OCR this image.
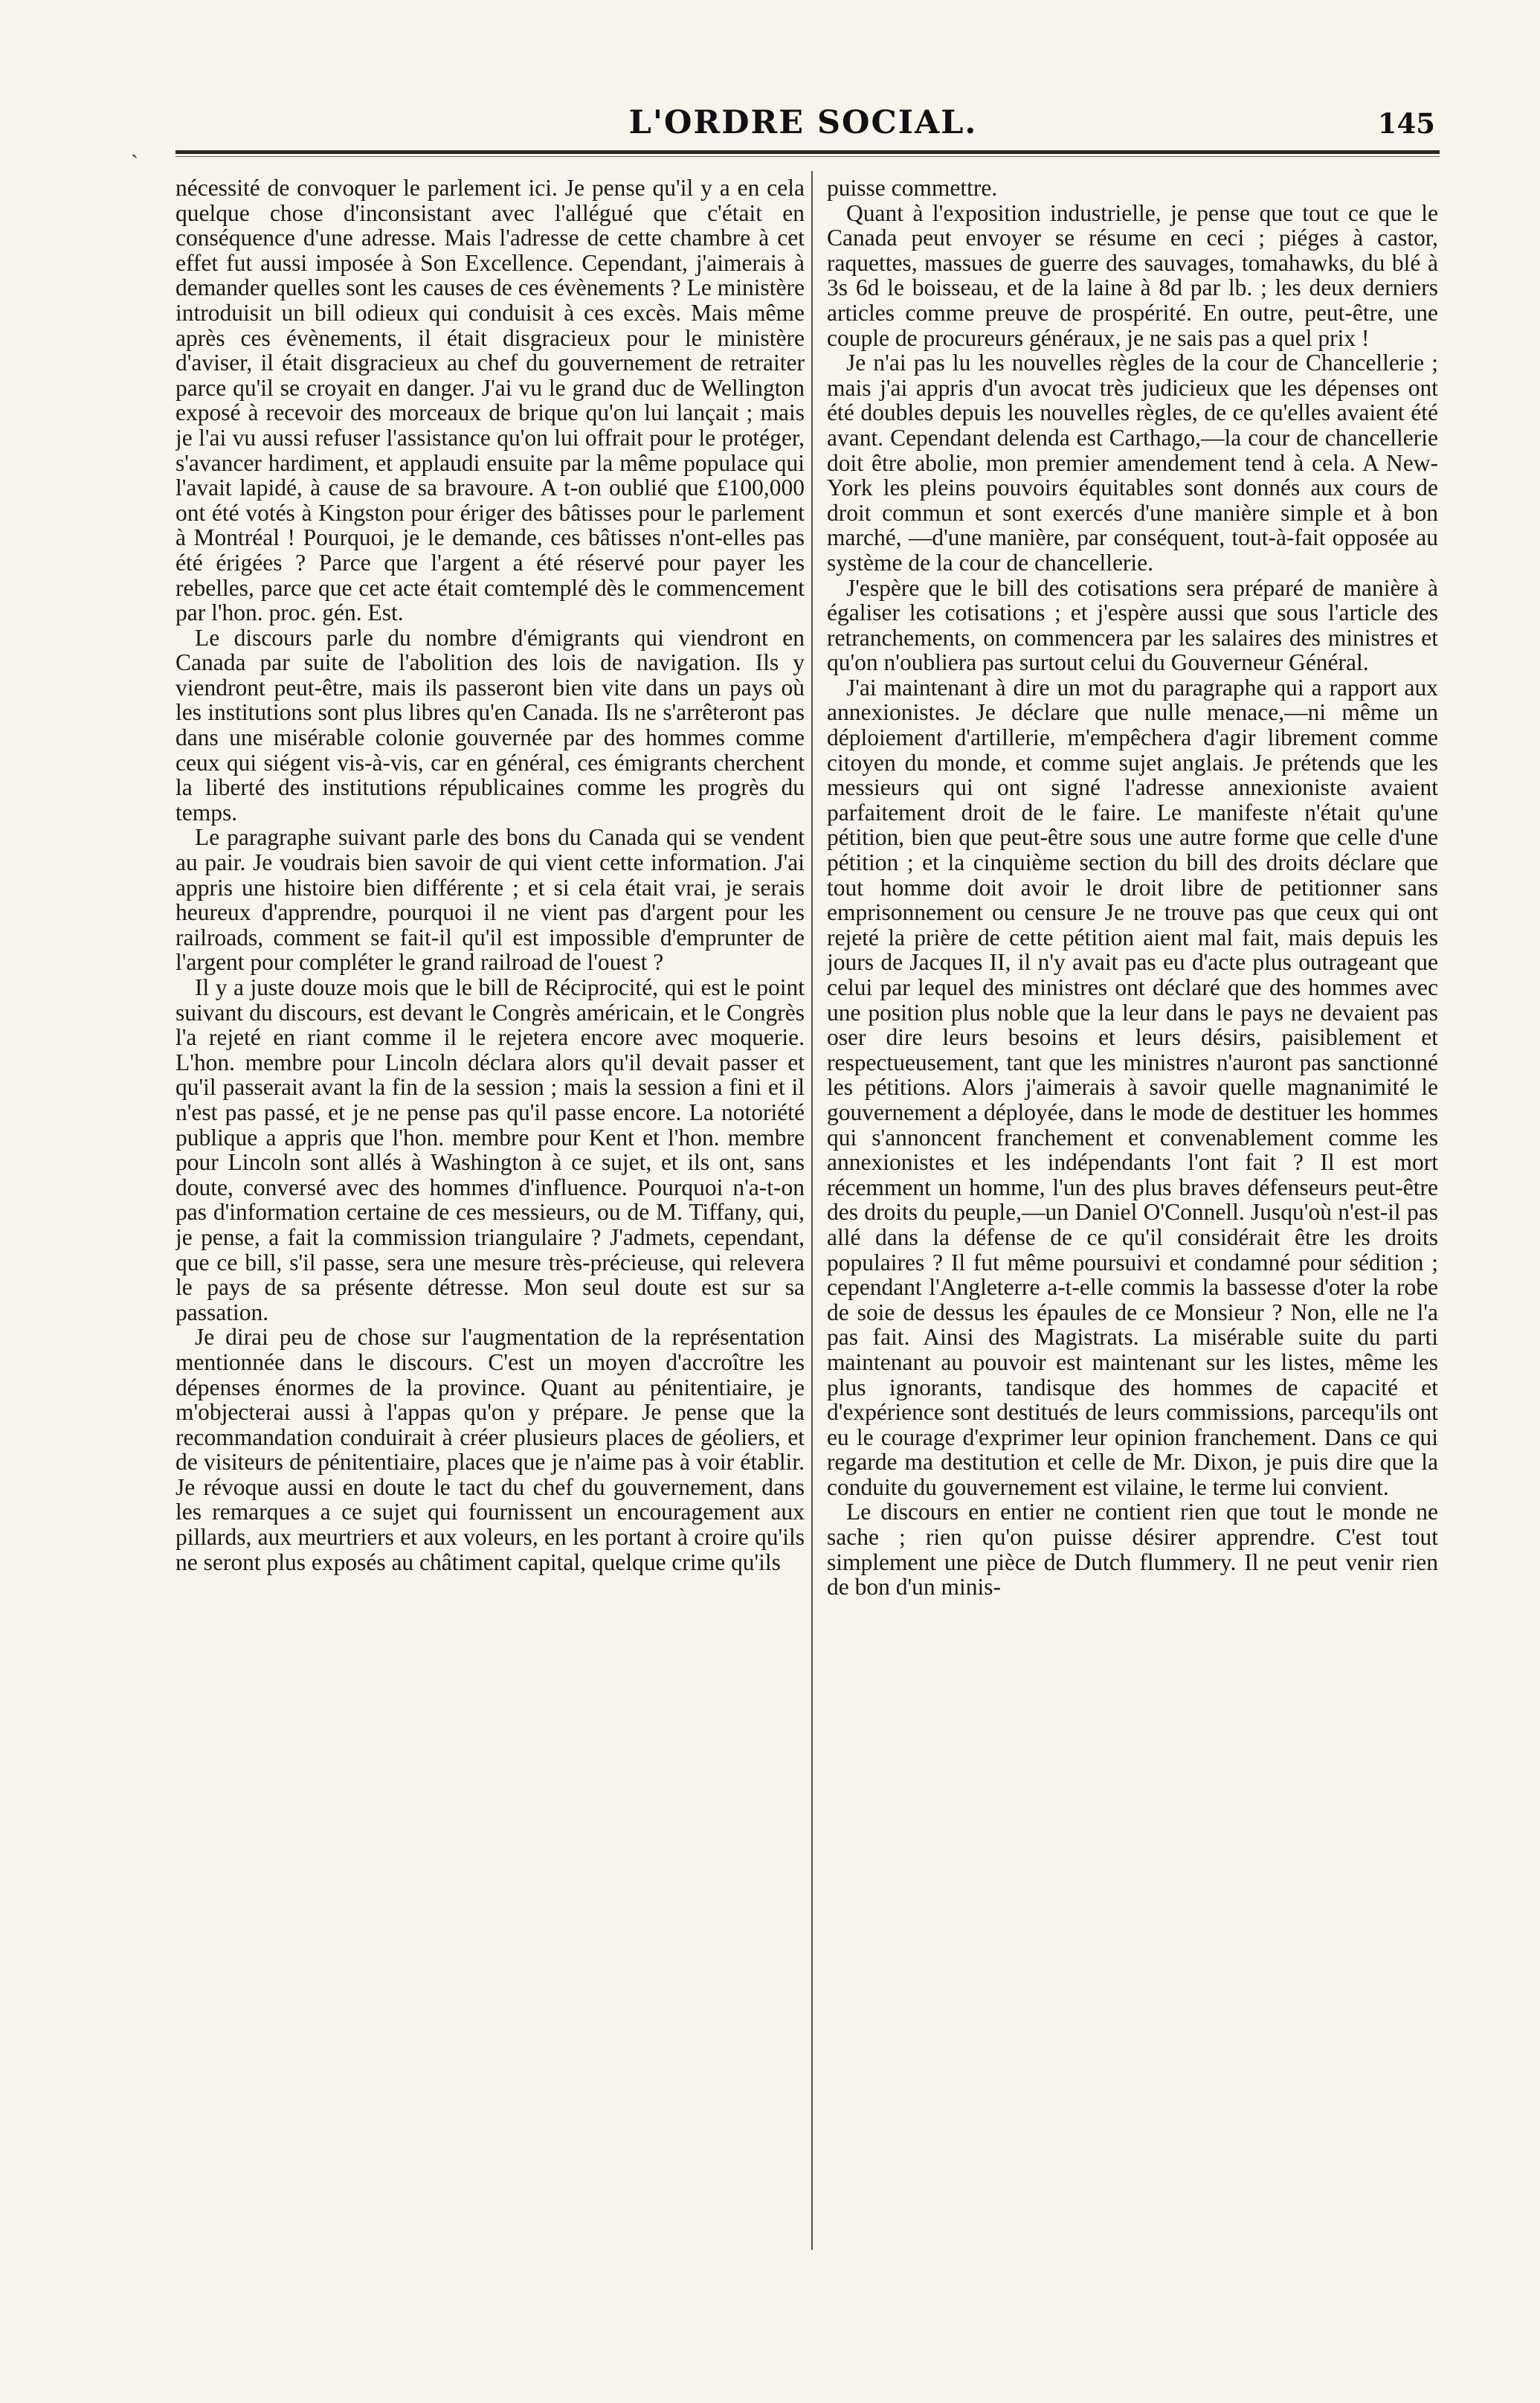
ˎ
L'ORDRE SOCIAL.	145

nécessité de convoquer le parlement ici. Je pense qu'il y a en cela quelque chose d'inconsistant avec l'allégué que c'était en conséquence d'une adresse. Mais l'adresse de cette chambre à cet effet fut aussi imposée à Son Excellence. Cependant, j'aimerais à demander quelles sont les causes de ces évènements ? Le ministère introduisit un bill odieux qui conduisit à ces excès. Mais même après ces évènements, il était disgracieux pour le ministère d'aviser, il était disgracieux au chef du gouvernement de retraiter parce qu'il se croyait en danger. J'ai vu le grand duc de Wellington exposé à recevoir des morceaux de brique qu'on lui lançait ; mais je l'ai vu aussi refuser l'assistance qu'on lui offrait pour le protéger, s'avancer hardiment, et applaudi ensuite par la même populace qui l'avait lapidé, à cause de sa bravoure. A t-on oublié que £100,000 ont été votés à Kingston pour ériger des bâtisses pour le parlement à Montréal ! Pourquoi, je le demande, ces bâtisses n'ont-elles pas été érigées ? Parce que l'argent a été réservé pour payer les rebelles, parce que cet acte était comtemplé dès le commencement par l'hon. proc. gén. Est.

Le discours parle du nombre d'émigrants qui viendront en Canada par suite de l'abolition des lois de navigation. Ils y viendront peut-être, mais ils passeront bien vite dans un pays où les institutions sont plus libres qu'en Canada. Ils ne s'arrêteront pas dans une misérable colonie gouvernée par des hommes comme ceux qui siégent vis-à-vis, car en général, ces émigrants cherchent la liberté des institutions républicaines comme les progrès du temps.

Le paragraphe suivant parle des bons du Canada qui se vendent au pair. Je voudrais bien savoir de qui vient cette information. J'ai appris une histoire bien différente ; et si cela était vrai, je serais heureux d'apprendre, pourquoi il ne vient pas d'argent pour les railroads, comment se fait-il qu'il est impossible d'emprunter de l'argent pour compléter le grand railroad de l'ouest ?

Il y a juste douze mois que le bill de Réciprocité, qui est le point suivant du discours, est devant le Congrès américain, et le Congrès l'a rejeté en riant comme il le rejetera encore avec moquerie. L'hon. membre pour Lincoln déclara alors qu'il devait passer et qu'il passerait avant la fin de la session ; mais la session a fini et il n'est pas passé, et je ne pense pas qu'il passe encore. La notoriété publique a appris que l'hon. membre pour Kent et l'hon. membre pour Lincoln sont allés à Washington à ce sujet, et ils ont, sans doute, conversé avec des hommes d'influence. Pourquoi n'a-t-on pas d'information certaine de ces messieurs, ou de M. Tiffany, qui, je pense, a fait la commission triangulaire ? J'admets, cependant, que ce bill, s'il passe, sera une mesure très-précieuse, qui relevera le pays de sa présente détresse. Mon seul doute est sur sa passation.

Je dirai peu de chose sur l'augmentation de la représentation mentionnée dans le discours. C'est un moyen d'accroître les dépenses énormes de la province. Quant au pénitentiaire, je m'objecterai aussi à l'appas qu'on y prépare. Je pense que la recommandation conduirait à créer plusieurs places de géoliers, et de visiteurs de pénitentiaire, places que je n'aime pas à voir établir. Je révoque aussi en doute le tact du chef du gouvernement, dans les remarques a ce sujet qui fournissent un encouragement aux pillards, aux meurtriers et aux voleurs, en les portant à croire qu'ils ne seront plus exposés au châtiment capital, quelque crime qu'ils

puisse commettre.

Quant à l'exposition industrielle, je pense que tout ce que le Canada peut envoyer se résume en ceci ; piéges à castor, raquettes, massues de guerre des sauvages, tomahawks, du blé à 3s 6d le boisseau, et de la laine à 8d par lb. ; les deux derniers articles comme preuve de prospérité. En outre, peut-être, une couple de procureurs généraux, je ne sais pas a quel prix !

Je n'ai pas lu les nouvelles règles de la cour de Chancellerie ; mais j'ai appris d'un avocat très judicieux que les dépenses ont été doubles depuis les nouvelles règles, de ce qu'elles avaient été avant. Cependant delenda est Carthago,—la cour de chancellerie doit être abolie, mon premier amendement tend à cela. A New-York les pleins pouvoirs équitables sont donnés aux cours de droit commun et sont exercés d'une manière simple et à bon marché, —d'une manière, par conséquent, tout-à-fait opposée au système de la cour de chancellerie.

J'espère que le bill des cotisations sera préparé de manière à égaliser les cotisations ; et j'espère aussi que sous l'article des retranchements, on commencera par les salaires des ministres et qu'on n'oubliera pas surtout celui du Gouverneur Général.

J'ai maintenant à dire un mot du paragraphe qui a rapport aux annexionistes. Je déclare que nulle menace,—ni même un déploiement d'artillerie, m'empêchera d'agir librement comme citoyen du monde, et comme sujet anglais. Je prétends que les messieurs qui ont signé l'adresse annexioniste avaient parfaitement droit de le faire. Le manifeste n'était qu'une pétition, bien que peut-être sous une autre forme que celle d'une pétition ; et la cinquième section du bill des droits déclare que tout homme doit avoir le droit libre de petitionner sans emprisonnement ou censure Je ne trouve pas que ceux qui ont rejeté la prière de cette pétition aient mal fait, mais depuis les jours de Jacques II, il n'y avait pas eu d'acte plus outrageant que celui par lequel des ministres ont déclaré que des hommes avec une position plus noble que la leur dans le pays ne devaient pas oser dire leurs besoins et leurs désirs, paisiblement et respectueusement, tant que les ministres n'auront pas sanctionné les pétitions. Alors j'aimerais à savoir quelle magnanimité le gouvernement a déployée, dans le mode de destituer les hommes qui s'annoncent franchement et convenablement comme les annexionistes et les indépendants l'ont fait ? Il est mort récemment un homme, l'un des plus braves défenseurs peut-être des droits du peuple,—un Daniel O'Connell. Jusqu'où n'est-il pas allé dans la défense de ce qu'il considérait être les droits populaires ? Il fut même poursuivi et condamné pour sédition ; cependant l'Angleterre a-t-elle commis la bassesse d'oter la robe de soie de dessus les épaules de ce Monsieur ? Non, elle ne l'a pas fait. Ainsi des Magistrats. La misérable suite du parti maintenant au pouvoir est maintenant sur les listes, même les plus ignorants, tandisque des hommes de capacité et d'expérience sont destitués de leurs commissions, parcequ'ils ont eu le courage d'exprimer leur opinion franchement. Dans ce qui regarde ma destitution et celle de Mr. Dixon, je puis dire que la conduite du gouvernement est vilaine, le terme lui convient.

Le discours en entier ne contient rien que tout le monde ne sache ; rien qu'on puisse désirer apprendre. C'est tout simplement une pièce de Dutch flummery. Il ne peut venir rien de bon d'un minis-
